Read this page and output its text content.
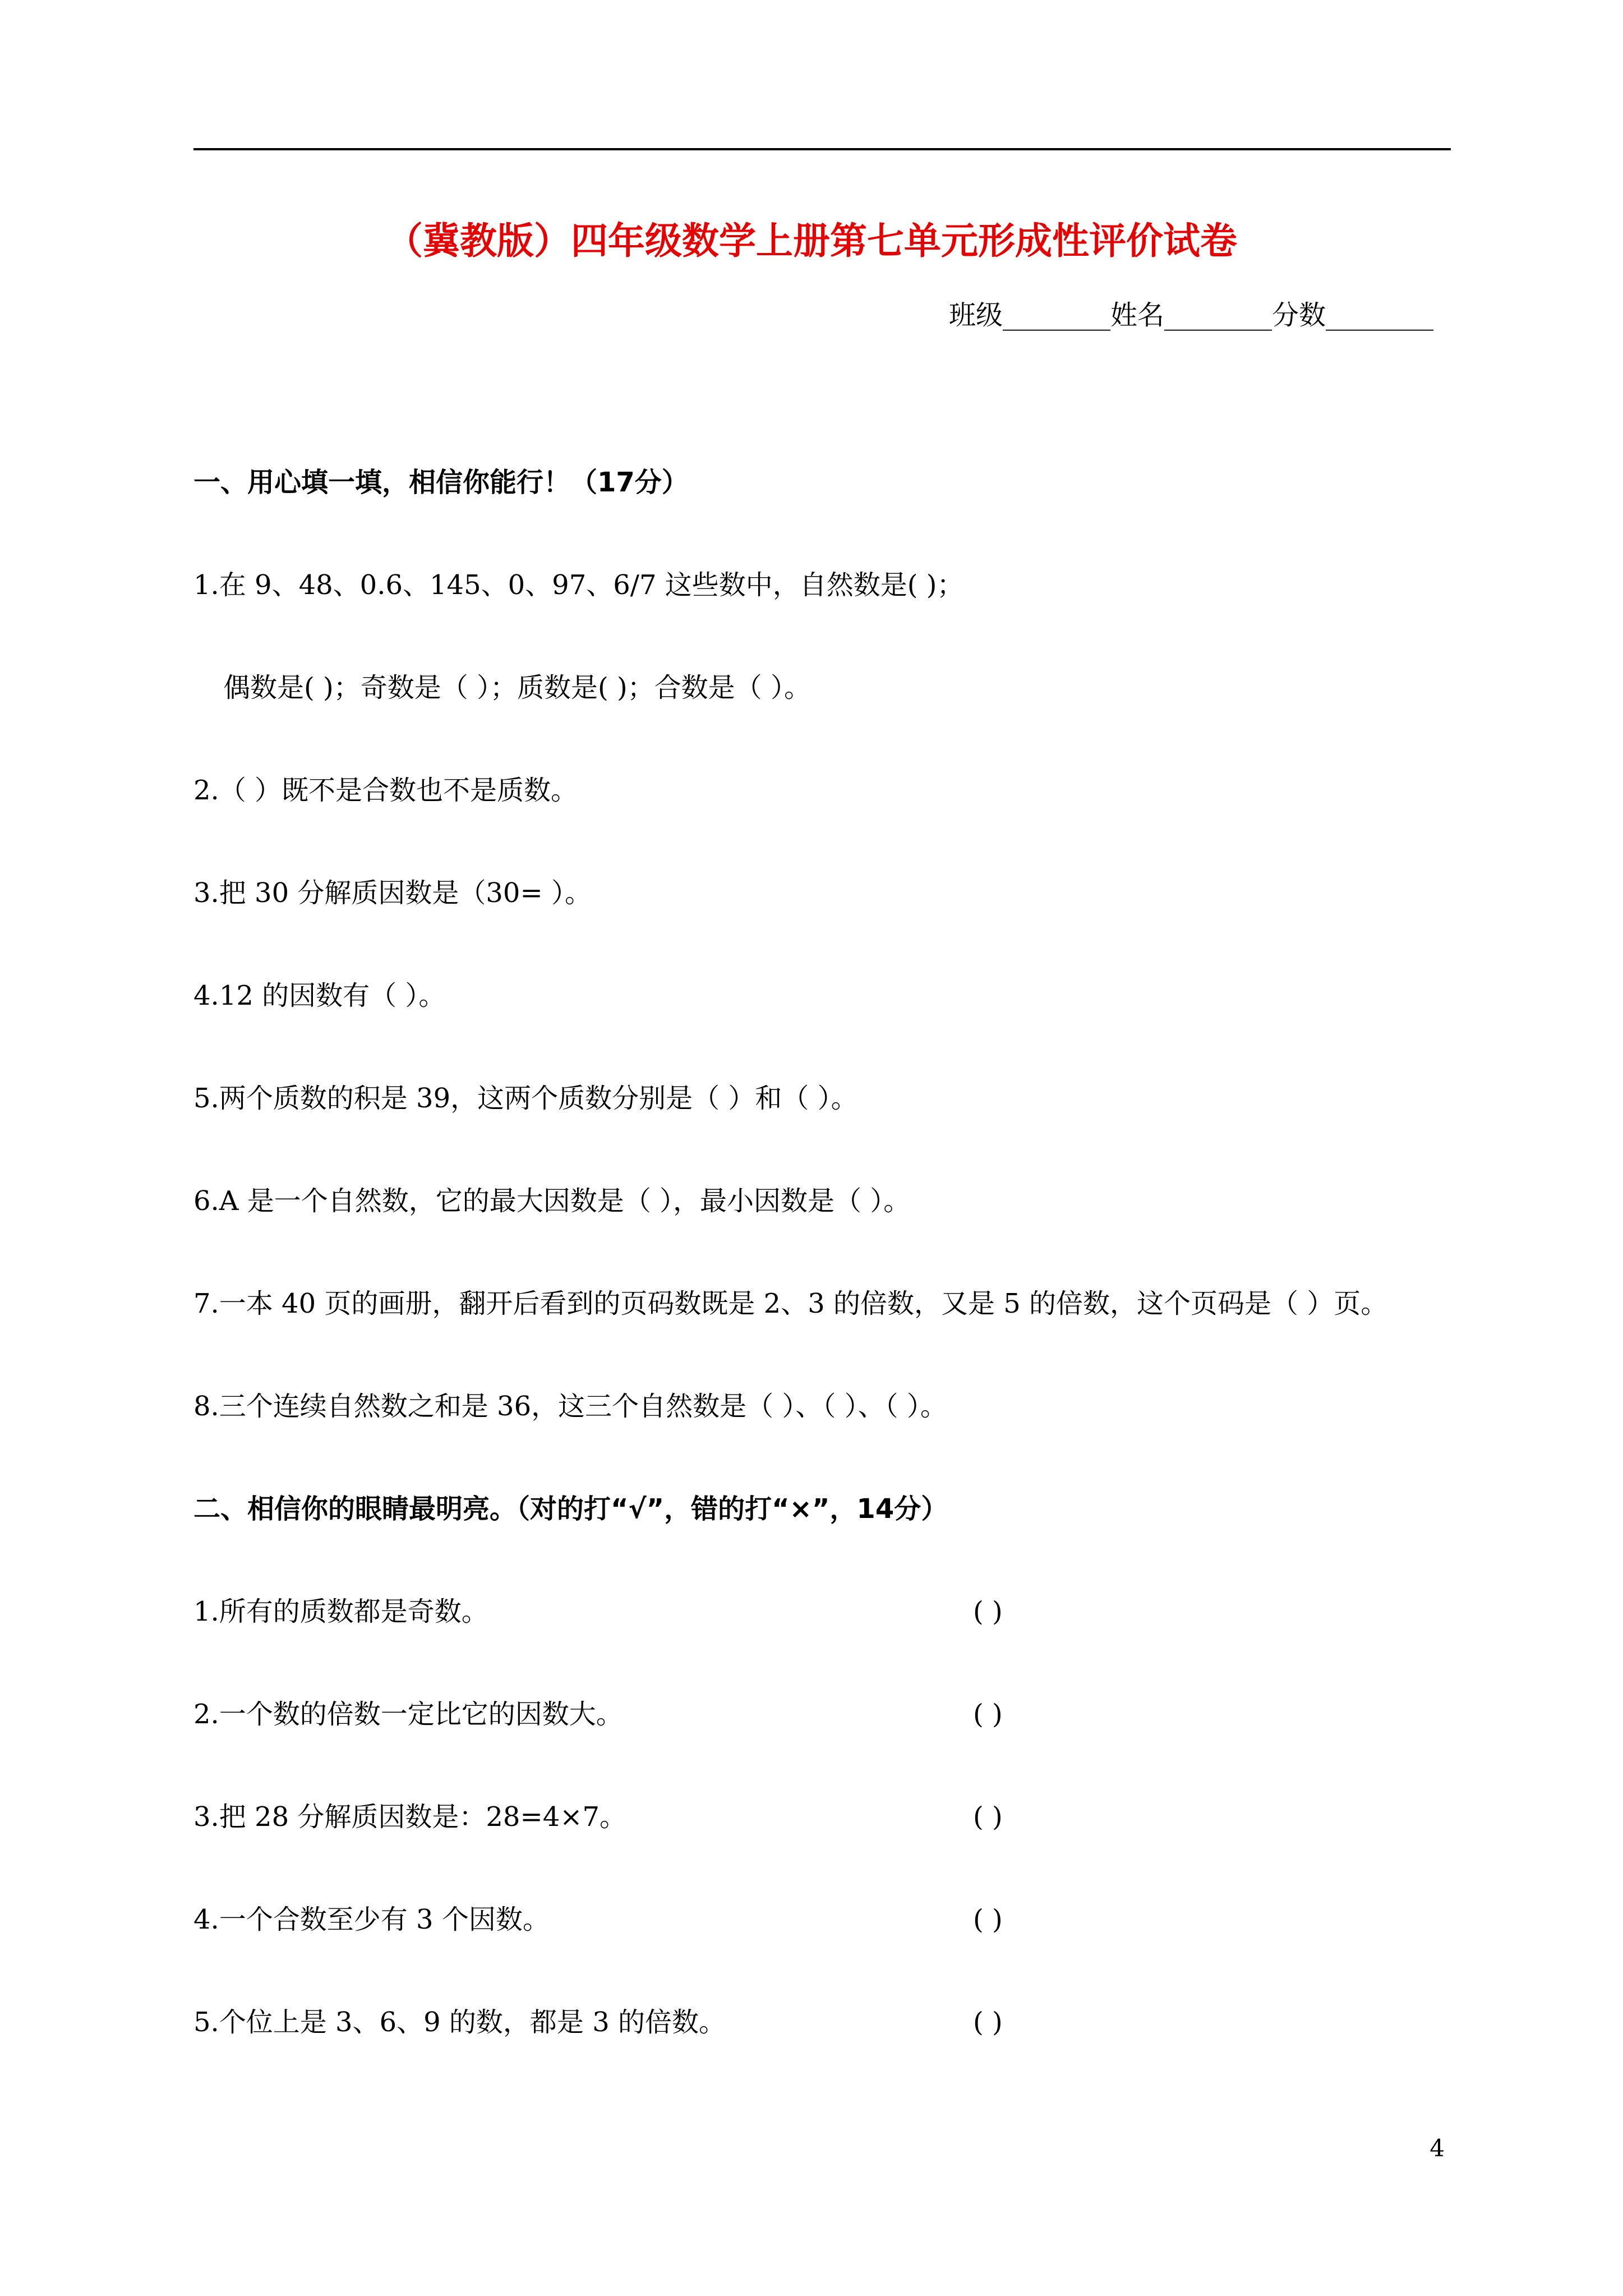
（冀教版）四年级数学上册第七单元形成性评价试卷
班级________姓名________分数________
一、用心填一填，相信你能行！（17分）
1.在 9、48、0.6、145、0、97、6/7 这些数中，自然数是( )；
偶数是( )；奇数是（ ）；质数是( )；合数是（ ）。
2.（ ）既不是合数也不是质数。
3.把 30 分解质因数是（30= ）。
4.12 的因数有（ ）。
5.两个质数的积是 39，这两个质数分别是（ ）和（ ）。
6.A 是一个自然数，它的最大因数是（ ），最小因数是（ ）。
7.一本 40 页的画册，翻开后看到的页码数既是 2、3 的倍数，又是 5 的倍数，这个页码是（ ）页。
8.三个连续自然数之和是 36，这三个自然数是（ ）、（ ）、（ ）。
二、相信你的眼睛最明亮。（对的打“√”，错的打“×”，14分）
1.所有的质数都是奇数。	( )
2.一个数的倍数一定比它的因数大。	( )
3.把 28 分解质因数是：28=4×7。	( )
4.一个合数至少有 3 个因数。	( )
5.个位上是 3、6、9 的数，都是 3 的倍数。	( )
4
